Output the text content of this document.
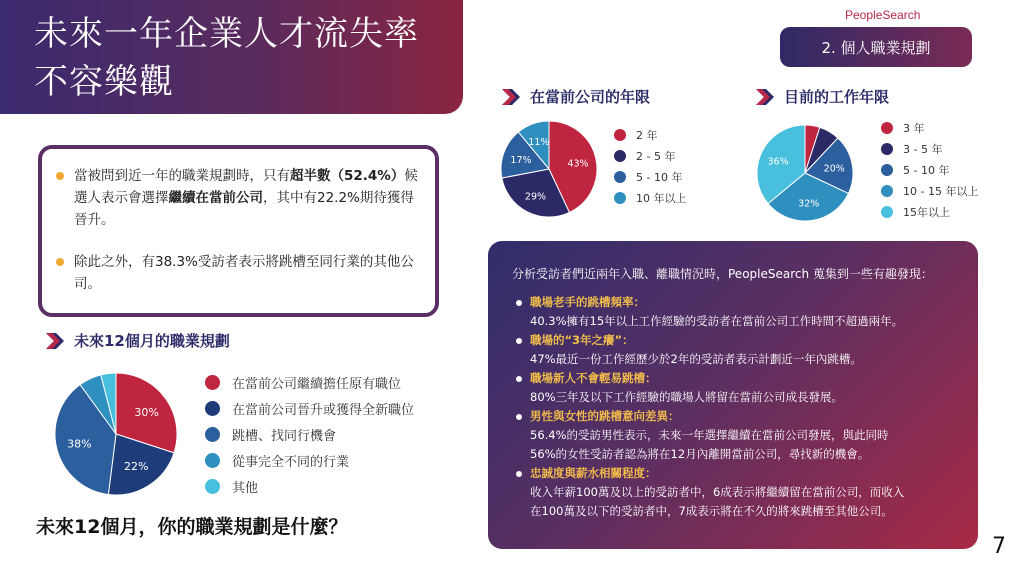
未來一年企業人才流失率
不容樂觀
PeopleSearch
2. 個人職業規劃
當被問到近一年的職業規劃時，只有超半數（52.4%）候選人表示會選擇繼續在當前公司，其中有22.2%期待獲得晉升。
除此之外，有38.3%受訪者表示將跳槽至同行業的其他公司。
未來12個月的職業規劃
在當前公司的年限	目前的工作年限
30%
22%
38%
43%
29%
17%
11%
20%
32%
36%
在當前公司繼續擔任原有職位
在當前公司晉升或獲得全新職位
跳槽、找同行機會
從事完全不同的行業
其他
2 年
2 - 5 年
5 - 10 年
10 年以上
3 年
3 - 5 年
5 - 10 年
10 - 15 年以上
15年以上
分析受訪者們近兩年入職、離職情況時，PeopleSearch 蒐集到一些有趣發現：
職場老手的跳槽頻率：
40.3%擁有15年以上工作經驗的受訪者在當前公司工作時間不超過兩年。
職場的“3年之癢”：
47%最近一份工作經歷少於2年的受訪者表示計劃近一年內跳槽。
職場新人不會輕易跳槽：
80%三年及以下工作經驗的職場人將留在當前公司成長發展。
男性與女性的跳槽意向差異：
56.4%的受訪男性表示，未來一年選擇繼續在當前公司發展，與此同時
56%的女性受訪者認為將在12月內離開當前公司，尋找新的機會。
忠誠度與薪水相關程度：
收入年薪100萬及以上的受訪者中，6成表示將繼續留在當前公司，而收入
在100萬及以下的受訪者中，7成表示將在不久的將來跳槽至其他公司。
未來12個月，你的職業規劃是什麼？
7
